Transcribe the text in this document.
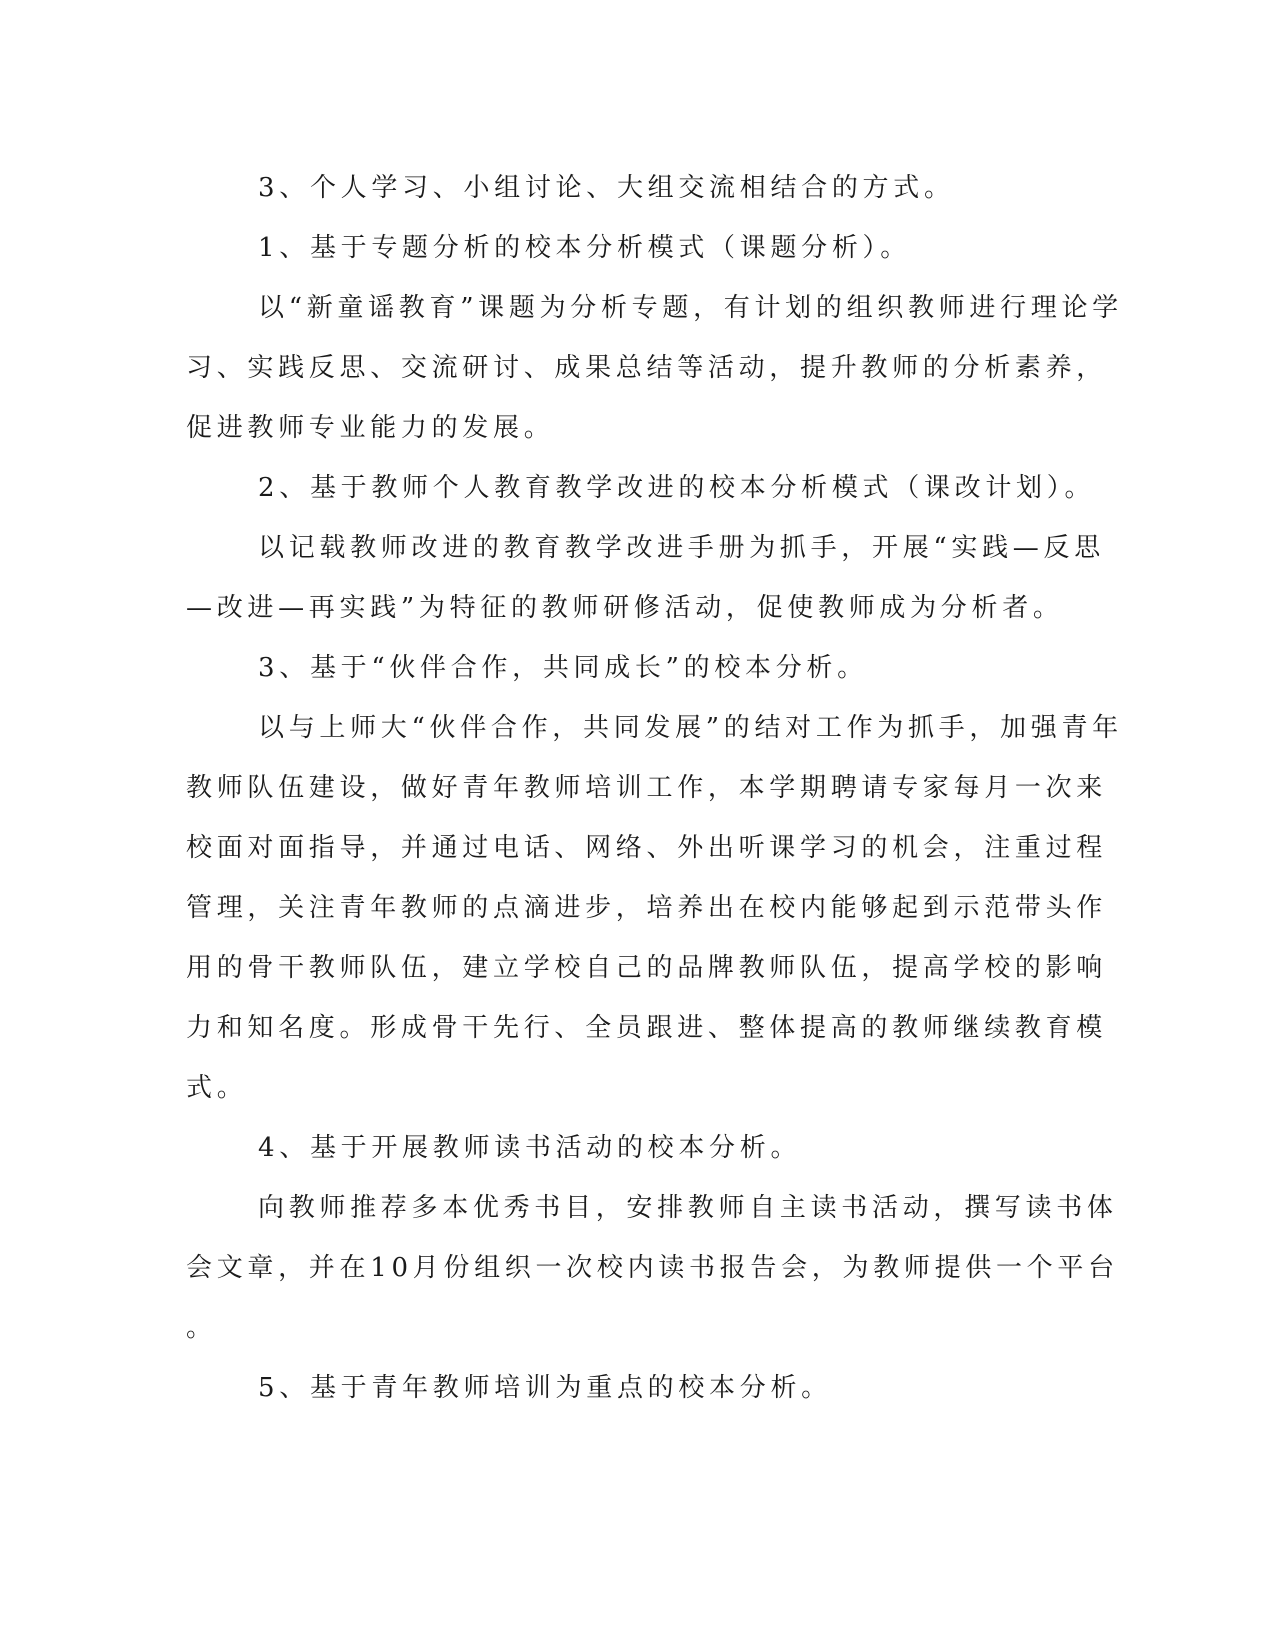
3、个人学习、小组讨论、大组交流相结合的方式。
1、基于专题分析的校本分析模式（课题分析）。
以“新童谣教育”课题为分析专题，有计划的组织教师进行理论学
习、实践反思、交流研讨、成果总结等活动，提升教师的分析素养，
促进教师专业能力的发展。
2、基于教师个人教育教学改进的校本分析模式（课改计划）。
以记载教师改进的教育教学改进手册为抓手，开展“实践—反思
—改进—再实践”为特征的教师研修活动，促使教师成为分析者。
3、基于“伙伴合作，共同成长”的校本分析。
以与上师大“伙伴合作，共同发展”的结对工作为抓手，加强青年
教师队伍建设，做好青年教师培训工作，本学期聘请专家每月一次来
校面对面指导，并通过电话、网络、外出听课学习的机会，注重过程
管理，关注青年教师的点滴进步，培养出在校内能够起到示范带头作
用的骨干教师队伍，建立学校自己的品牌教师队伍，提高学校的影响
力和知名度。形成骨干先行、全员跟进、整体提高的教师继续教育模
式。
4、基于开展教师读书活动的校本分析。
向教师推荐多本优秀书目，安排教师自主读书活动，撰写读书体
会文章，并在10月份组织一次校内读书报告会，为教师提供一个平台
。
5、基于青年教师培训为重点的校本分析。
